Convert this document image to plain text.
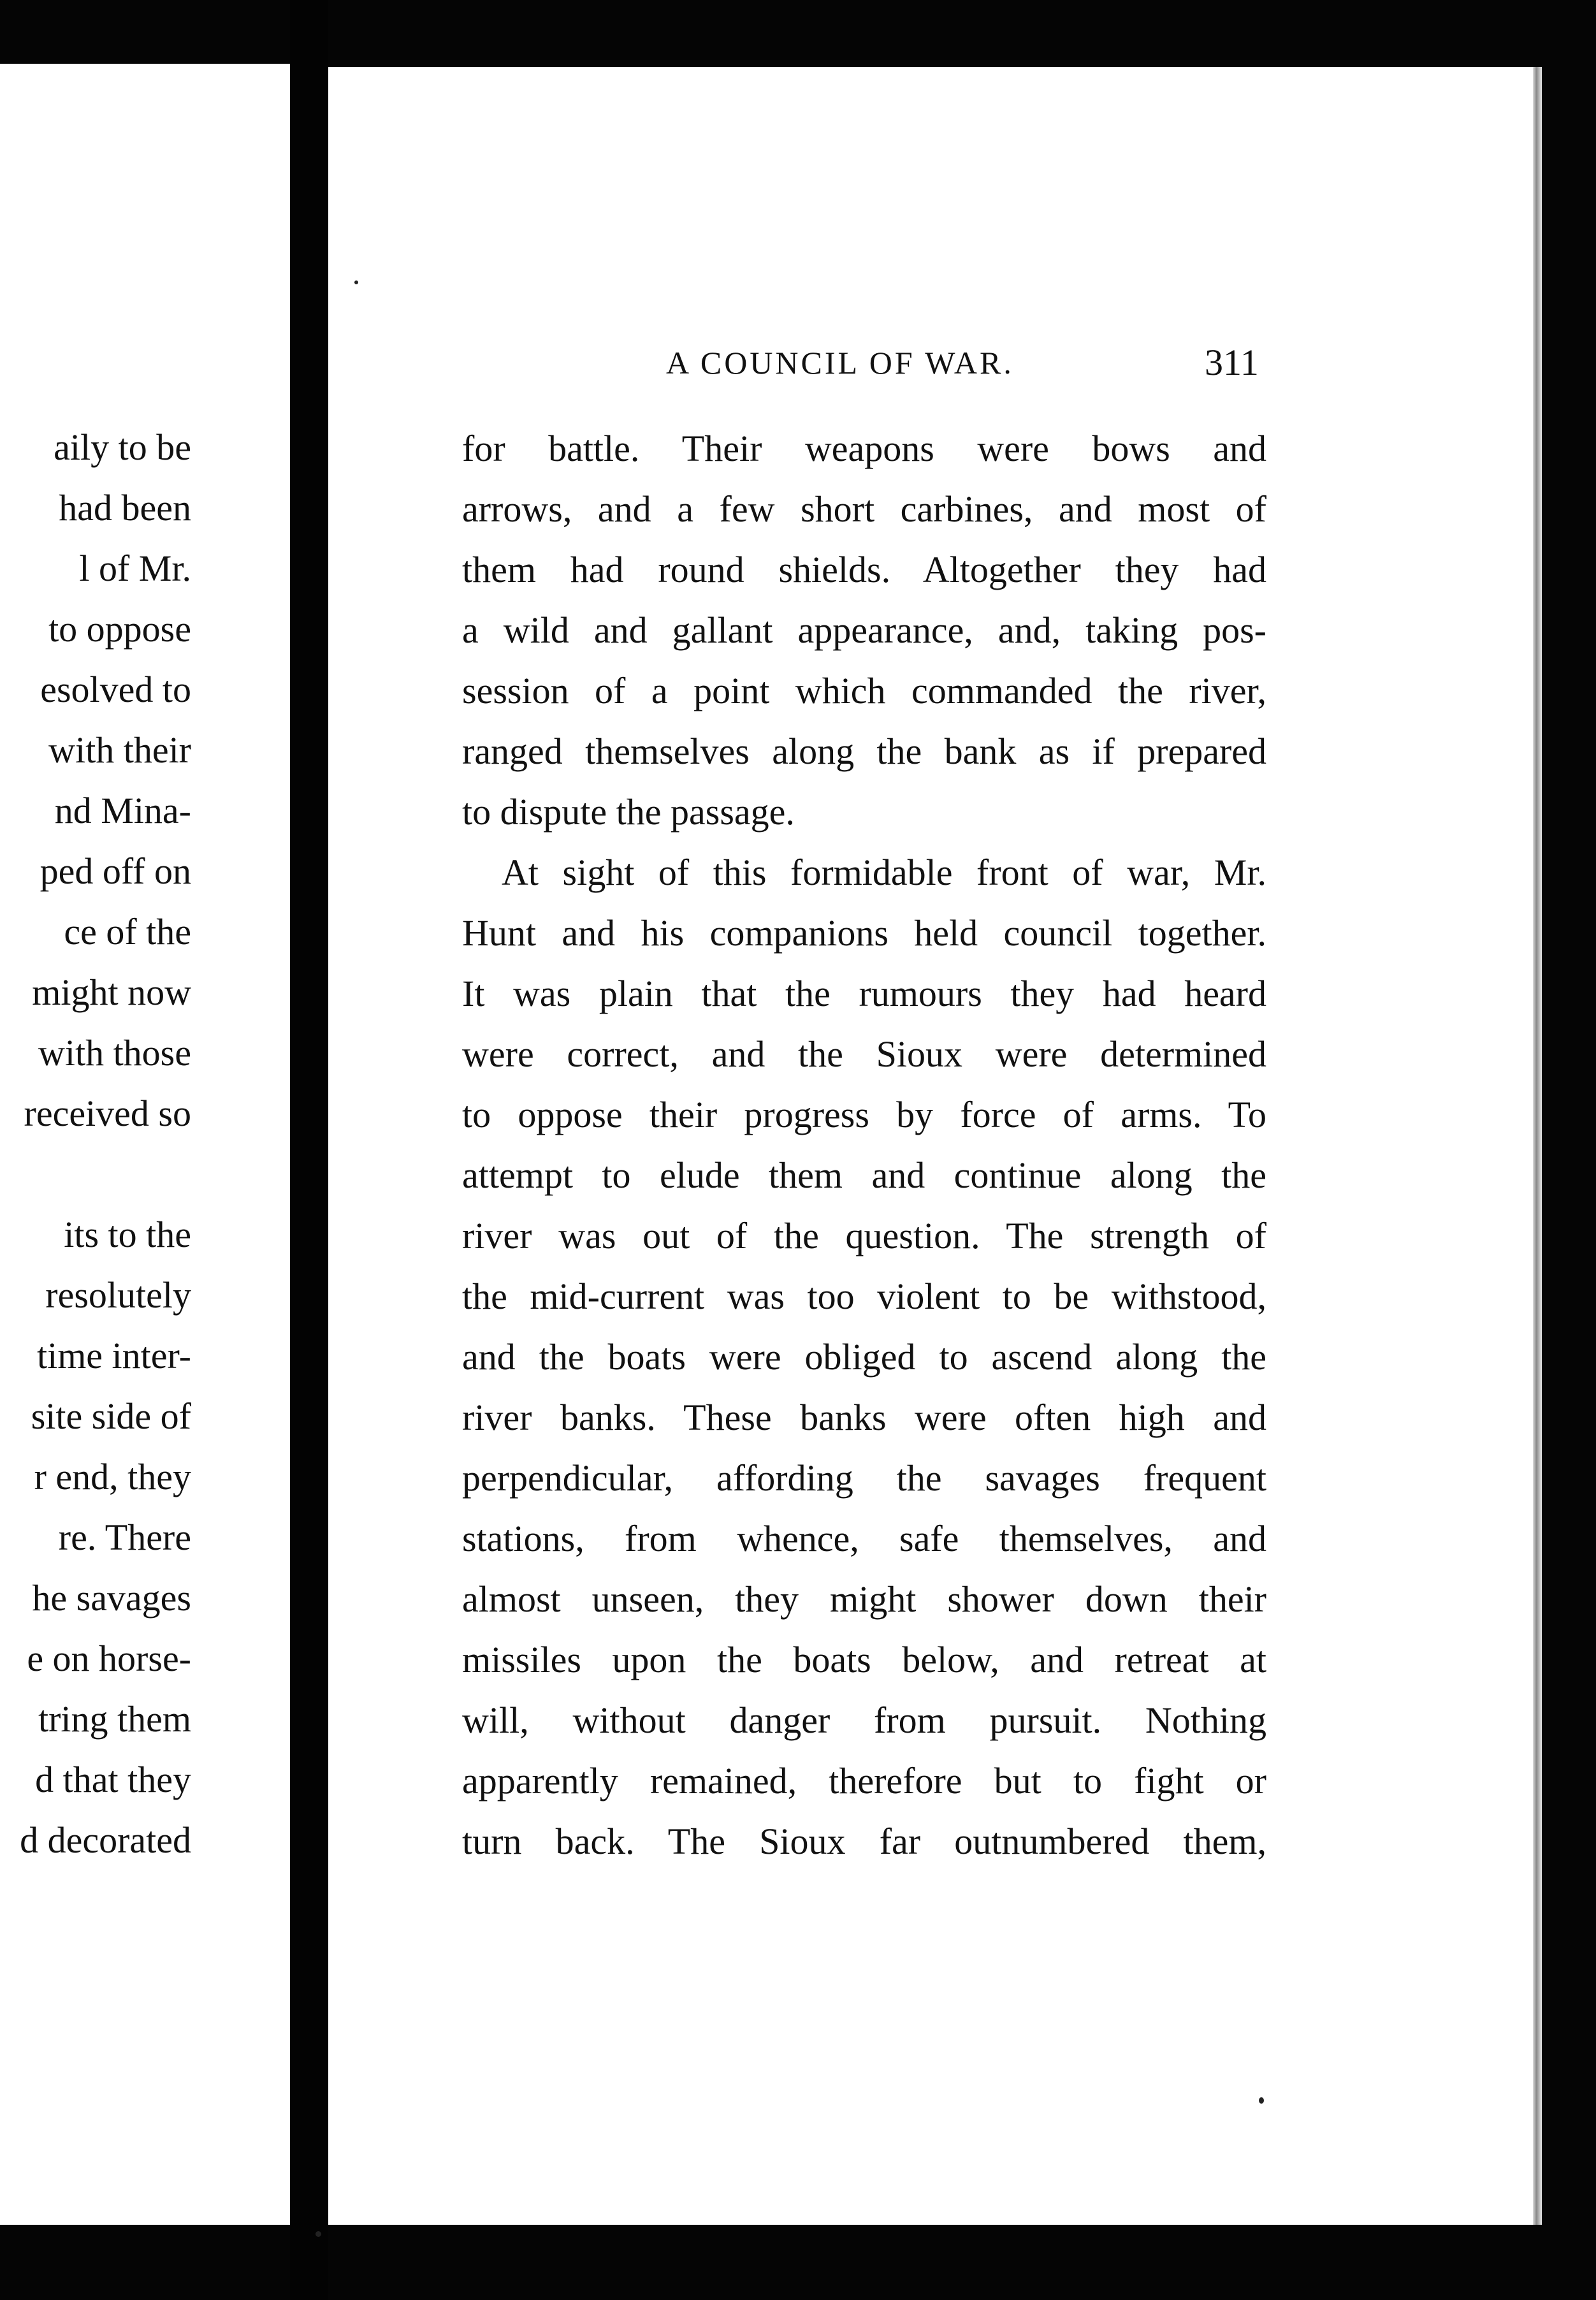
aily to be
had been
l of Mr.
to oppose
esolved to
with their
nd Mina-
ped off on
ce of the
might now
with those
received so
its to the
resolutely
time inter-
site side of
r end, they
re. There
he savages
e on horse-
tring them
d that they
d decorated
A COUNCIL OF WAR.	311
for battle. Their weapons were bows and
arrows, and a few short carbines, and most of
them had round shields. Altogether they had
a wild and gallant appearance, and, taking pos-
session of a point which commanded the river,
ranged themselves along the bank as if prepared
to dispute the passage.
At sight of this formidable front of war, Mr.
Hunt and his companions held council together.
It was plain that the rumours they had heard
were correct, and the Sioux were determined
to oppose their progress by force of arms. To
attempt to elude them and continue along the
river was out of the question. The strength of
the mid-current was too violent to be withstood,
and the boats were obliged to ascend along the
river banks. These banks were often high and
perpendicular, affording the savages frequent
stations, from whence, safe themselves, and
almost unseen, they might shower down their
missiles upon the boats below, and retreat at
will, without danger from pursuit. Nothing
apparently remained, therefore but to fight or
turn back. The Sioux far outnumbered them,
